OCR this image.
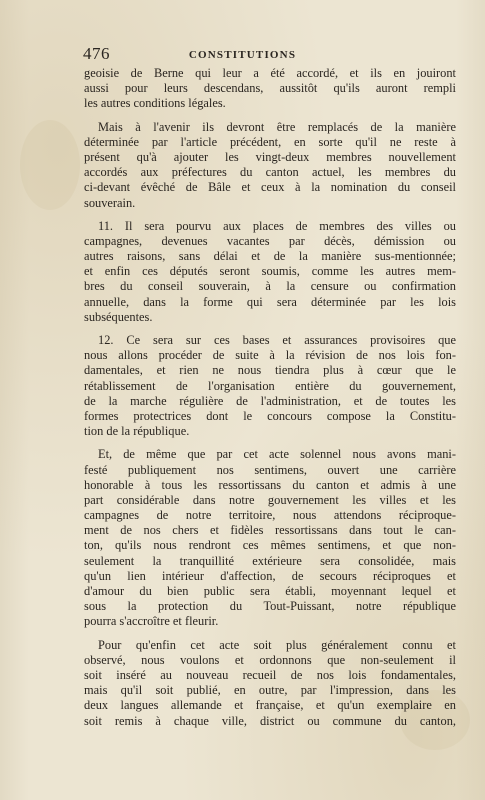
476	CONSTITUTIONS
geoisie de Berne qui leur a été accordé, et ils en jouiront
aussi pour leurs descendans, aussitôt qu'ils auront rempli
les autres conditions légales.
Mais à l'avenir ils devront être remplacés de la manière
déterminée par l'article précédent, en sorte qu'il ne reste à
présent qu'à ajouter les vingt-deux membres nouvellement
accordés aux préfectures du canton actuel, les membres du
ci-devant évêché de Bâle et ceux à la nomination du conseil
souverain.
11. Il sera pourvu aux places de membres des villes ou
campagnes, devenues vacantes par décès, démission ou
autres raisons, sans délai et de la manière sus-mentionnée;
et enfin ces députés seront soumis, comme les autres mem-
bres du conseil souverain, à la censure ou confirmation
annuelle, dans la forme qui sera déterminée par les lois
subséquentes.
12. Ce sera sur ces bases et assurances provisoires que
nous allons procéder de suite à la révision de nos lois fon-
damentales, et rien ne nous tiendra plus à cœur que le
rétablissement de l'organisation entière du gouvernement,
de la marche régulière de l'administration, et de toutes les
formes protectrices dont le concours compose la Constitu-
tion de la république.
Et, de même que par cet acte solennel nous avons mani-
festé publiquement nos sentimens, ouvert une carrière
honorable à tous les ressortissans du canton et admis à une
part considérable dans notre gouvernement les villes et les
campagnes de notre territoire, nous attendons réciproque-
ment de nos chers et fidèles ressortissans dans tout le can-
ton, qu'ils nous rendront ces mêmes sentimens, et que non-
seulement la tranquillité extérieure sera consolidée, mais
qu'un lien intérieur d'affection, de secours réciproques et
d'amour du bien public sera établi, moyennant lequel et
sous la protection du Tout-Puissant, notre république
pourra s'accroître et fleurir.
Pour qu'enfin cet acte soit plus généralement connu et
observé, nous voulons et ordonnons que non-seulement il
soit inséré au nouveau recueil de nos lois fondamentales,
mais qu'il soit publié, en outre, par l'impression, dans les
deux langues allemande et française, et qu'un exemplaire en
soit remis à chaque ville, district ou commune du canton,
